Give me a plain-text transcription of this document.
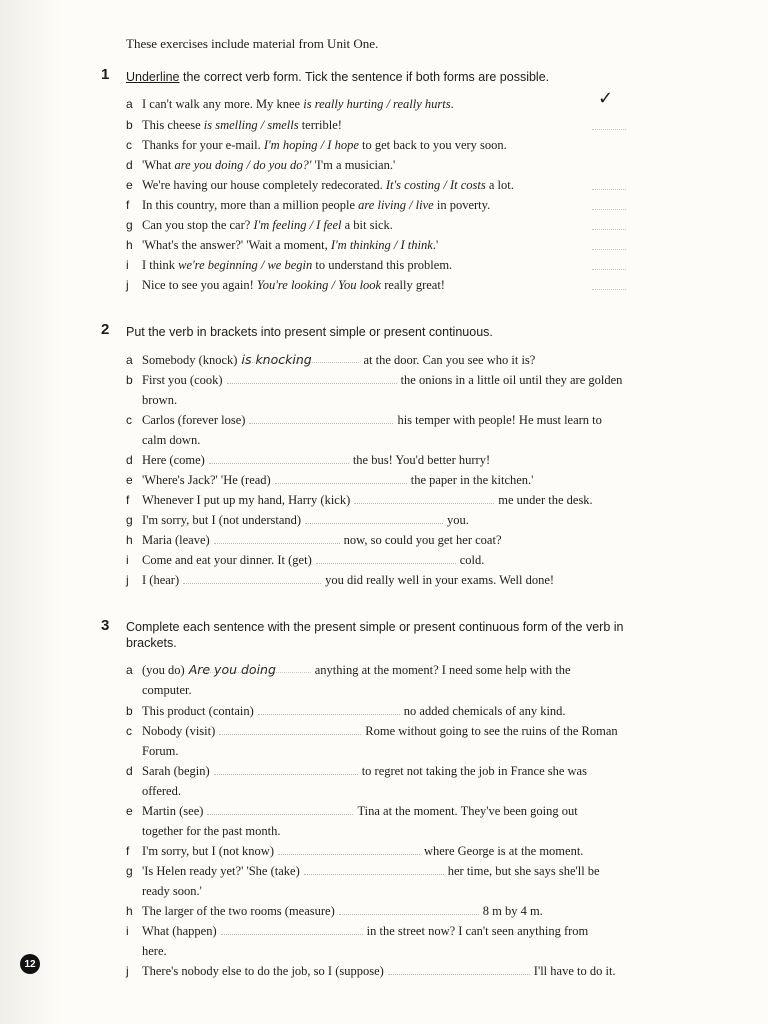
These exercises include material from Unit One.
1 Underline the correct verb form. Tick the sentence if both forms are possible.
✓
a I can't walk any more. My knee is really hurting / really hurts.
b This cheese is smelling / smells terrible!
c Thanks for your e-mail. I'm hoping / I hope to get back to you very soon.
d 'What are you doing / do you do?' 'I'm a musician.'
e We're having our house completely redecorated. It's costing / It costs a lot.
f In this country, more than a million people are living / live in poverty.
g Can you stop the car? I'm feeling / I feel a bit sick.
h 'What's the answer?' 'Wait a moment, I'm thinking / I think.'
i I think we're beginning / we begin to understand this problem.
j Nice to see you again! You're looking / You look really great!
2 Put the verb in brackets into present simple or present continuous.
a Somebody (knock) is knocking	at the door. Can you see who it is?
b First you (cook)	the onions in a little oil until they are golden
brown.
c Carlos (forever lose)	his temper with people! He must learn to
calm down.
d Here (come)	the bus! You'd better hurry!
e 'Where's Jack?' 'He (read)	the paper in the kitchen.'
f Whenever I put up my hand, Harry (kick)	me under the desk.
g I'm sorry, but I (not understand)	you.
h Maria (leave)	now, so could you get her coat?
i Come and eat your dinner. It (get)	cold.
j I (hear)	you did really well in your exams. Well done!
3 Complete each sentence with the present simple or present continuous form of the verb in brackets.
a (you do) Are you doing	anything at the moment? I need some help with the
computer.
b This product (contain)	no added chemicals of any kind.
c Nobody (visit)	Rome without going to see the ruins of the Roman
Forum.
d Sarah (begin)	to regret not taking the job in France she was
offered.
e Martin (see)	Tina at the moment. They've been going out
together for the past month.
f I'm sorry, but I (not know)	where George is at the moment.
g 'Is Helen ready yet?' 'She (take)	her time, but she says she'll be
ready soon.'
h The larger of the two rooms (measure)	8 m by 4 m.
i What (happen)	in the street now? I can't seen anything from
here.
j There's nobody else to do the job, so I (suppose)	I'll have to do it.
12
